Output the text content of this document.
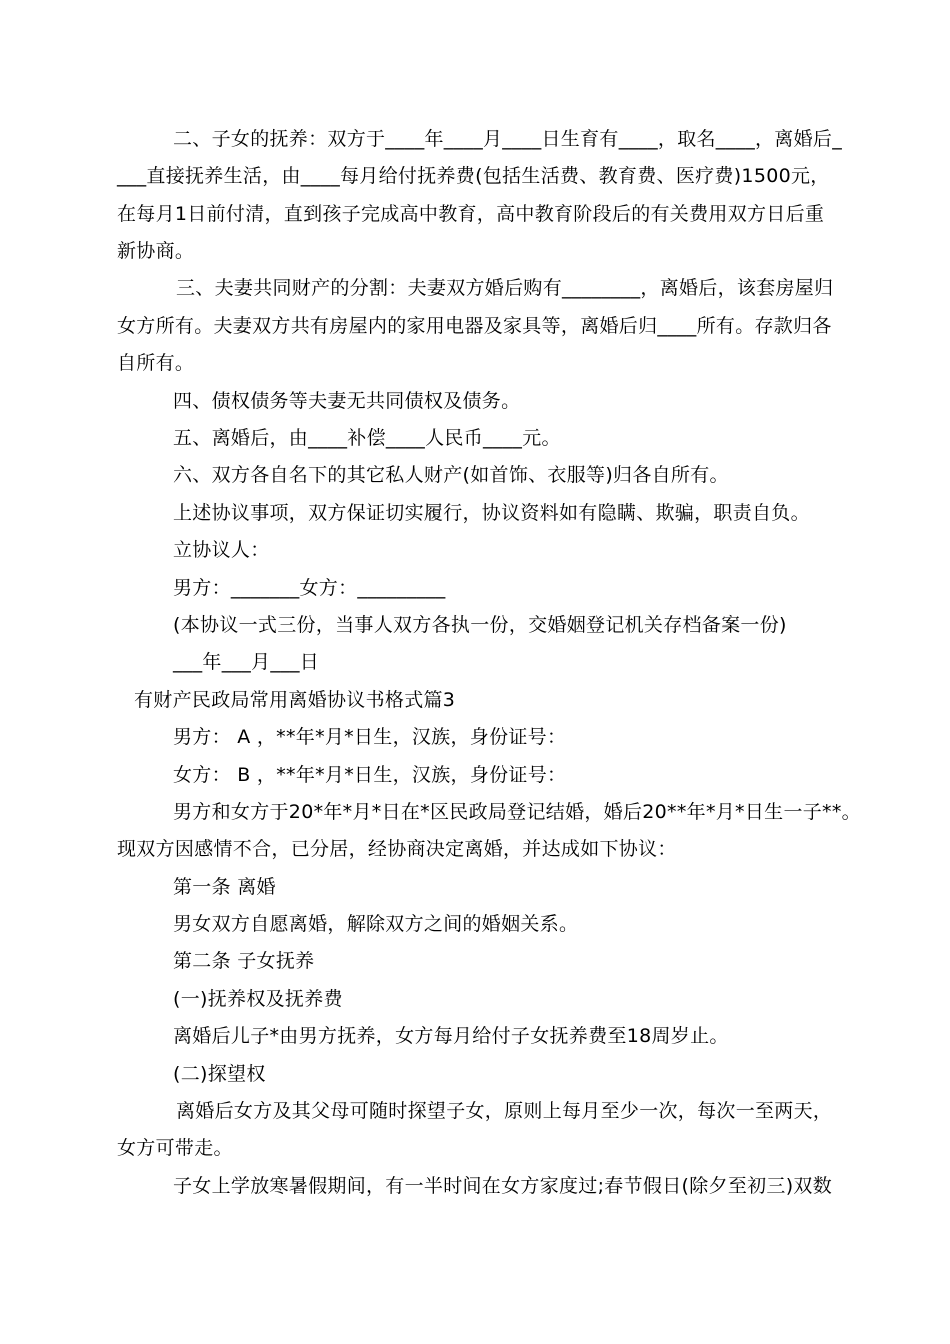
二、子女的抚养：双方于____年____月____日生育有____，取名____，离婚后_
___直接抚养生活，由____每月给付抚养费(包括生活费、教育费、医疗费)1500元，
在每月1日前付清，直到孩子完成高中教育，高中教育阶段后的有关费用双方日后重
新协商。
三、夫妻共同财产的分割：夫妻双方婚后购有________，离婚后，该套房屋归
女方所有。夫妻双方共有房屋内的家用电器及家具等，离婚后归____所有。存款归各
自所有。
四、债权债务等夫妻无共同债权及债务。
五、离婚后，由____补偿____人民币____元。
六、双方各自名下的其它私人财产(如首饰、衣服等)归各自所有。
上述协议事项，双方保证切实履行，协议资料如有隐瞒、欺骗，职责自负。
立协议人：
男方：_______女方：_________
(本协议一式三份，当事人双方各执一份，交婚姻登记机关存档备案一份)
___年___月___日
有财产民政局常用离婚协议书格式篇3
男方： A ，**年*月*日生，汉族，身份证号：
女方： B ，**年*月*日生，汉族，身份证号：
男方和女方于20*年*月*日在*区民政局登记结婚，婚后20**年*月*日生一子**。
现双方因感情不合，已分居，经协商决定离婚，并达成如下协议：
第一条 离婚
男女双方自愿离婚，解除双方之间的婚姻关系。
第二条 子女抚养
(一)抚养权及抚养费
离婚后儿子*由男方抚养，女方每月给付子女抚养费至18周岁止。
(二)探望权
离婚后女方及其父母可随时探望子女，原则上每月至少一次，每次一至两天，
女方可带走。
子女上学放寒暑假期间，有一半时间在女方家度过;春节假日(除夕至初三)双数
